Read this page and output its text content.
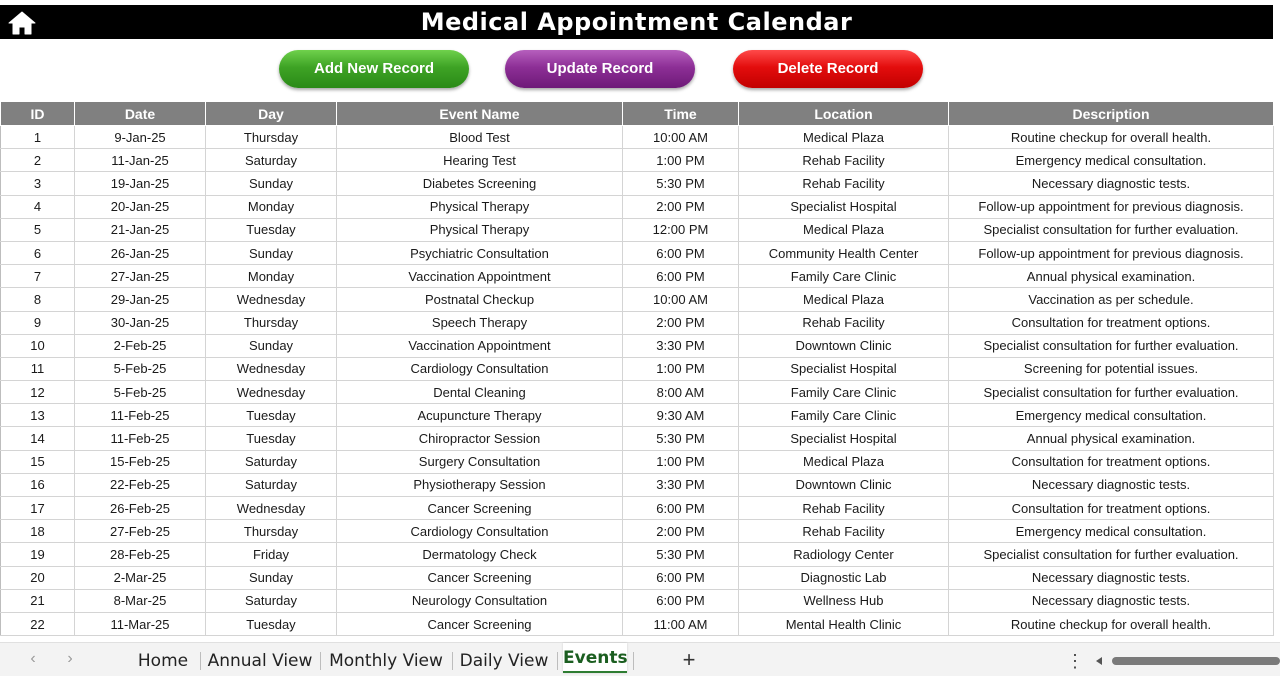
Medical Appointment Calendar
Add New Record	Update Record	Delete Record
ID	Date	Day	Event Name	Time	Location	Description
1	9-Jan-25	Thursday	Blood Test	10:00 AM	Medical Plaza	Routine checkup for overall health.
2	11-Jan-25	Saturday	Hearing Test	1:00 PM	Rehab Facility	Emergency medical consultation.
3	19-Jan-25	Sunday	Diabetes Screening	5:30 PM	Rehab Facility	Necessary diagnostic tests.
4	20-Jan-25	Monday	Physical Therapy	2:00 PM	Specialist Hospital	Follow-up appointment for previous diagnosis.
5	21-Jan-25	Tuesday	Physical Therapy	12:00 PM	Medical Plaza	Specialist consultation for further evaluation.
6	26-Jan-25	Sunday	Psychiatric Consultation	6:00 PM	Community Health Center	Follow-up appointment for previous diagnosis.
7	27-Jan-25	Monday	Vaccination Appointment	6:00 PM	Family Care Clinic	Annual physical examination.
8	29-Jan-25	Wednesday	Postnatal Checkup	10:00 AM	Medical Plaza	Vaccination as per schedule.
9	30-Jan-25	Thursday	Speech Therapy	2:00 PM	Rehab Facility	Consultation for treatment options.
10	2-Feb-25	Sunday	Vaccination Appointment	3:30 PM	Downtown Clinic	Specialist consultation for further evaluation.
11	5-Feb-25	Wednesday	Cardiology Consultation	1:00 PM	Specialist Hospital	Screening for potential issues.
12	5-Feb-25	Wednesday	Dental Cleaning	8:00 AM	Family Care Clinic	Specialist consultation for further evaluation.
13	11-Feb-25	Tuesday	Acupuncture Therapy	9:30 AM	Family Care Clinic	Emergency medical consultation.
14	11-Feb-25	Tuesday	Chiropractor Session	5:30 PM	Specialist Hospital	Annual physical examination.
15	15-Feb-25	Saturday	Surgery Consultation	1:00 PM	Medical Plaza	Consultation for treatment options.
16	22-Feb-25	Saturday	Physiotherapy Session	3:30 PM	Downtown Clinic	Necessary diagnostic tests.
17	26-Feb-25	Wednesday	Cancer Screening	6:00 PM	Rehab Facility	Consultation for treatment options.
18	27-Feb-25	Thursday	Cardiology Consultation	2:00 PM	Rehab Facility	Emergency medical consultation.
19	28-Feb-25	Friday	Dermatology Check	5:30 PM	Radiology Center	Specialist consultation for further evaluation.
20	2-Mar-25	Sunday	Cancer Screening	6:00 PM	Diagnostic Lab	Necessary diagnostic tests.
21	8-Mar-25	Saturday	Neurology Consultation	6:00 PM	Wellness Hub	Necessary diagnostic tests.
22	11-Mar-25	Tuesday	Cancer Screening	11:00 AM	Mental Health Clinic	Routine checkup for overall health.
‹	›	Home	Annual View Monthly View Daily View Events +	⋮
